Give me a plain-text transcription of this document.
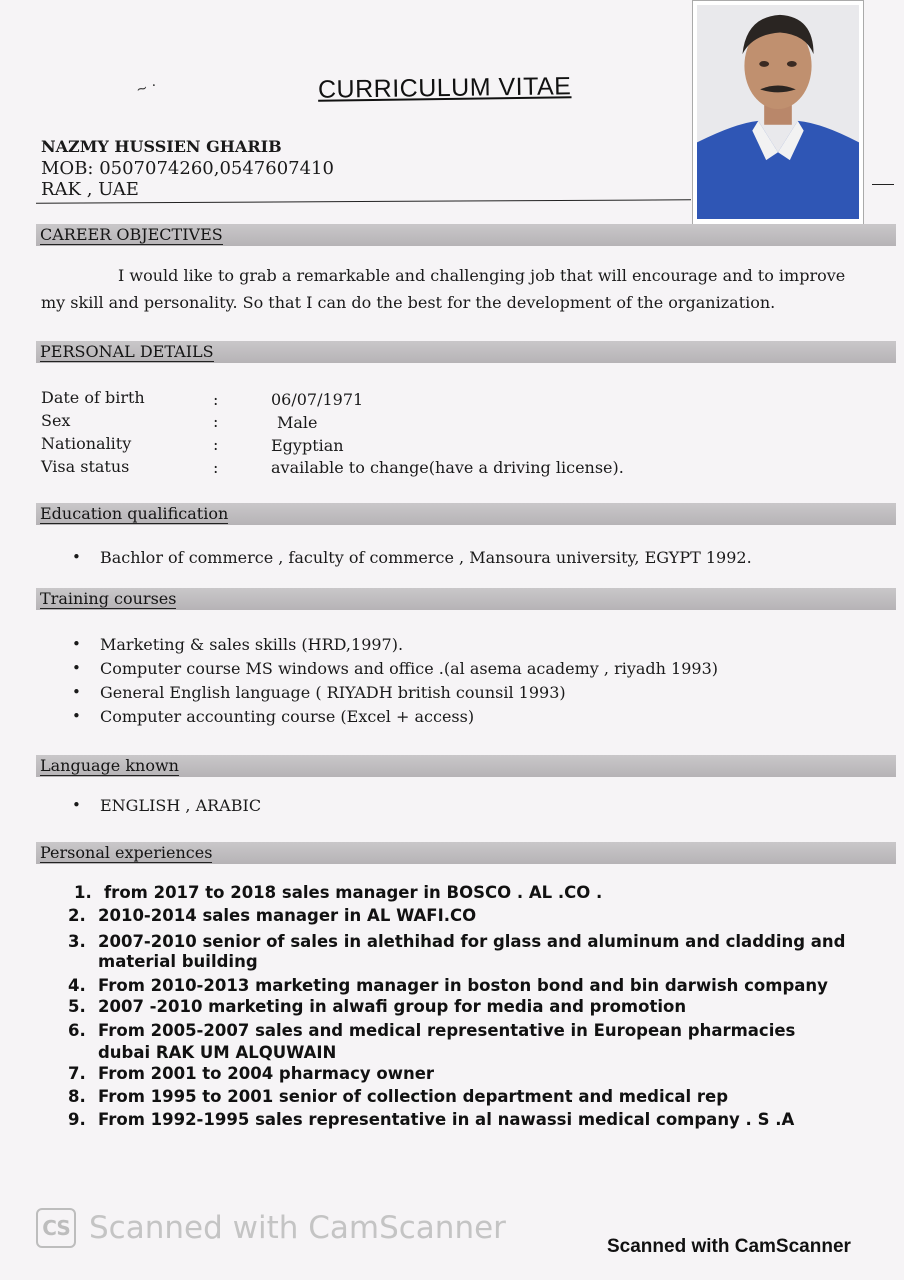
~ ·	CURRICULUM VITAE
NAZMY HUSSIEN GHARIB
MOB: 0507074260,0547607410
RAK , UAE
CAREER OBJECTIVES
I would like to grab a remarkable and challenging job that will encourage and to improve
my skill and personality. So that I can do the best for the development of the organization.
PERSONAL DETAILS
Date of birth	:	06/07/1971
Sex	:	Male
Nationality	:	Egyptian
Visa status	:	available to change(have a driving license).
Education qualification
• Bachlor of commerce , faculty of commerce , Mansoura university, EGYPT 1992.
Training courses
• Marketing & sales skills (HRD,1997).
• Computer course MS windows and office .(al asema academy , riyadh 1993)
• General English language ( RIYADH british counsil 1993)
• Computer accounting course (Excel + access)
Language known
• ENGLISH , ARABIC
Personal experiences
1. from 2017 to 2018 sales manager in BOSCO . AL .CO .
2. 2010-2014 sales manager in AL WAFI.CO
3. 2007-2010 senior of sales in alethihad for glass and aluminum and cladding and
material building
4. From 2010-2013 marketing manager in boston bond and bin darwish company
5. 2007 -2010 marketing in alwafi group for media and promotion
6. From 2005-2007 sales and medical representative in European pharmacies
dubai RAK UM ALQUWAIN
7. From 2001 to 2004 pharmacy owner
8. From 1995 to 2001 senior of collection department and medical rep
9. From 1992-1995 sales representative in al nawassi medical company . S .A
CS Scanned with CamScanner
Scanned with CamScanner
